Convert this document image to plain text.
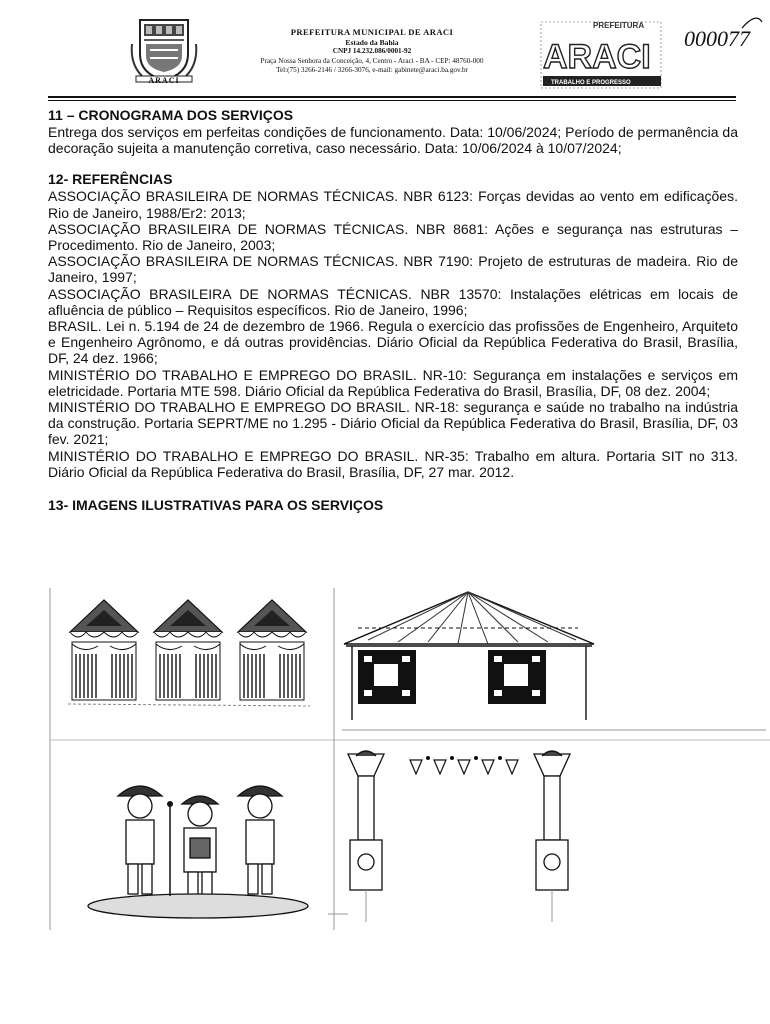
ARACI
PREFEITURA MUNICIPAL DE ARACI
Estado da Bahia
CNPJ 14.232.086/0001-92
Praça Nossa Senhora da Conceição, 4, Centro - Araci - BA - CEP: 48760-000
Tel:(75) 3266-2146 / 3266-3076, e-mail: gabinete@araci.ba.gov.br
PREFEITURA
ARACI
TRABALHO E PROGRESSO
000077

11 – CRONOGRAMA DOS SERVIÇOS

Entrega dos serviços em perfeitas condições de funcionamento. Data: 10/06/2024; Período de permanência da decoração sujeita a manutenção corretiva, caso necessário. Data: 10/06/2024 à 10/07/2024;

12- REFERÊNCIAS

ASSOCIAÇÃO BRASILEIRA DE NORMAS TÉCNICAS. NBR 6123: Forças devidas ao vento em edificações. Rio de Janeiro, 1988/Er2: 2013;

ASSOCIAÇÃO BRASILEIRA DE NORMAS TÉCNICAS. NBR 8681: Ações e segurança nas estruturas – Procedimento. Rio de Janeiro, 2003;

ASSOCIAÇÃO BRASILEIRA DE NORMAS TÉCNICAS. NBR 7190: Projeto de estruturas de madeira. Rio de Janeiro, 1997;

ASSOCIAÇÃO BRASILEIRA DE NORMAS TÉCNICAS. NBR 13570: Instalações elétricas em locais de afluência de público – Requisitos específicos. Rio de Janeiro, 1996;

BRASIL. Lei n. 5.194 de 24 de dezembro de 1966. Regula o exercício das profissões de Engenheiro, Arquiteto e Engenheiro Agrônomo, e dá outras providências. Diário Oficial da República Federativa do Brasil, Brasília, DF, 24 dez. 1966;

MINISTÉRIO DO TRABALHO E EMPREGO DO BRASIL. NR-10: Segurança em instalações e serviços em eletricidade. Portaria MTE 598. Diário Oficial da República Federativa do Brasil, Brasília, DF, 08 dez. 2004;

MINISTÉRIO DO TRABALHO E EMPREGO DO BRASIL. NR-18: segurança e saúde no trabalho na indústria da construção. Portaria SEPRT/ME no 1.295 - Diário Oficial da República Federativa do Brasil, Brasília, DF, 03 fev. 2021;

MINISTÉRIO DO TRABALHO E EMPREGO DO BRASIL. NR-35: Trabalho em altura. Portaria SIT no 313. Diário Oficial da República Federativa do Brasil, Brasília, DF, 27 mar. 2012.

13- IMAGENS ILUSTRATIVAS PARA OS SERVIÇOS
